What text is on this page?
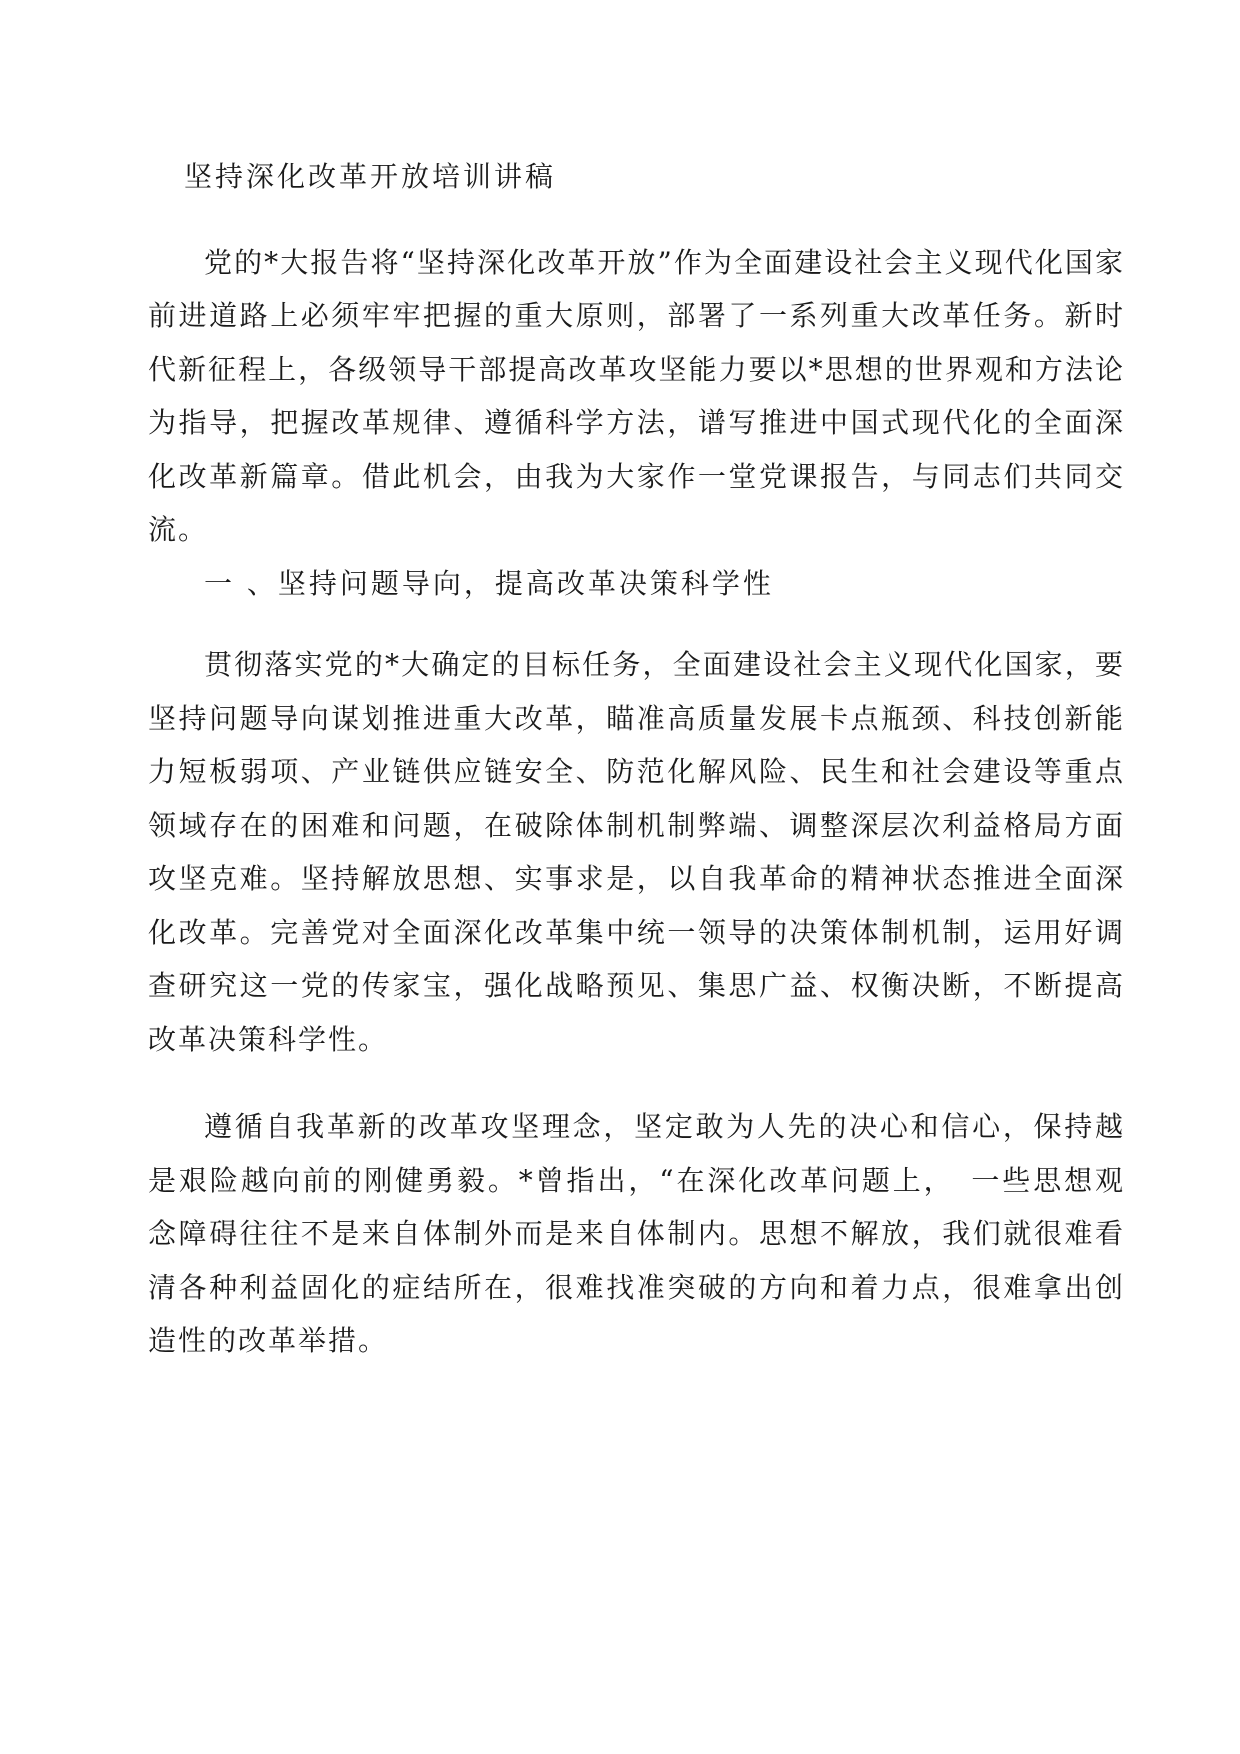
坚持深化改革开放培训讲稿

党的*大报告将“坚持深化改革开放”作为全面建设社会主义现代化国家前进道路上必须牢牢把握的重大原则，部署了一系列重大改革任务。新时代新征程上，各级领导干部提高改革攻坚能力要以*思想的世界观和方法论为指导，把握改革规律、遵循科学方法，谱写推进中国式现代化的全面深化改革新篇章。借此机会，由我为大家作一堂党课报告，与同志们共同交流。

一 、坚持问题导向，提高改革决策科学性

贯彻落实党的*大确定的目标任务，全面建设社会主义现代化国家，要坚持问题导向谋划推进重大改革，瞄准高质量发展卡点瓶颈、科技创新能力短板弱项、产业链供应链安全、防范化解风险、民生和社会建设等重点领域存在的困难和问题，在破除体制机制弊端、调整深层次利益格局方面攻坚克难。坚持解放思想、实事求是，以自我革命的精神状态推进全面深化改革。完善党对全面深化改革集中统一领导的决策体制机制，运用好调查研究这一党的传家宝，强化战略预见、集思广益、权衡决断，不断提高改革决策科学性。

遵循自我革新的改革攻坚理念，坚定敢为人先的决心和信心，保持越是艰险越向前的刚健勇毅。*曾指出，“在深化改革问题上，　一些思想观念障碍往往不是来自体制外而是来自体制内。思想不解放，我们就很难看清各种利益固化的症结所在，很难找准突破的方向和着力点，很难拿出创造性的改革举措。
